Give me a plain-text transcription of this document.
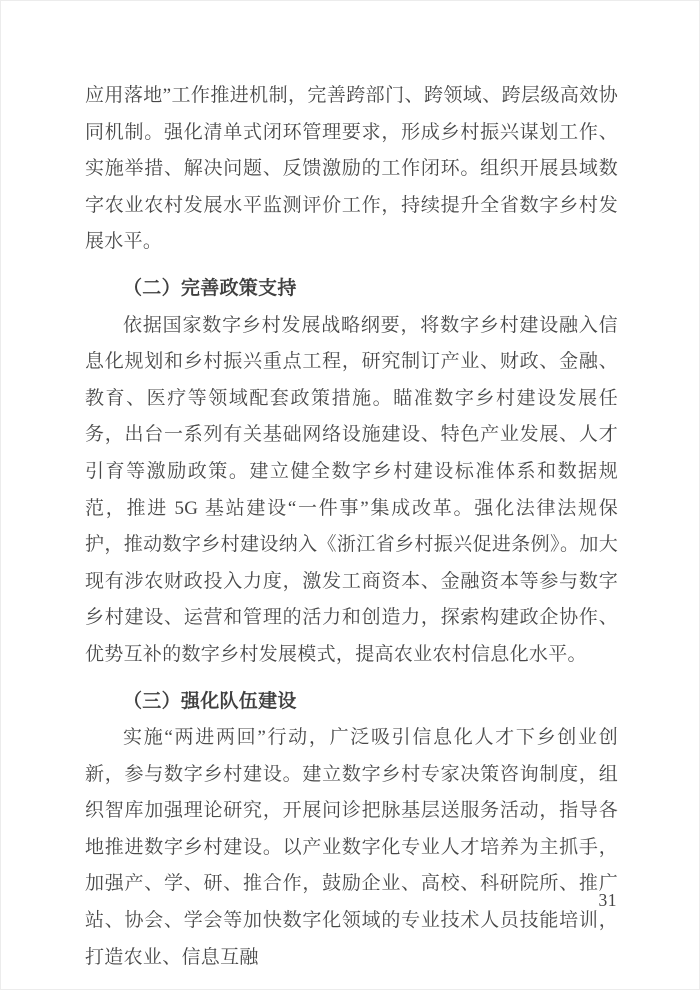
应用落地”工作推进机制，完善跨部门、跨领域、跨层级高效协同机制。强化清单式闭环管理要求，形成乡村振兴谋划工作、实施举措、解决问题、反馈激励的工作闭环。组织开展县域数字农业农村发展水平监测评价工作，持续提升全省数字乡村发展水平。

（二）完善政策支持

依据国家数字乡村发展战略纲要，将数字乡村建设融入信息化规划和乡村振兴重点工程，研究制订产业、财政、金融、教育、医疗等领域配套政策措施。瞄准数字乡村建设发展任务，出台一系列有关基础网络设施建设、特色产业发展、人才引育等激励政策。建立健全数字乡村建设标准体系和数据规范，推进 5G 基站建设“一件事”集成改革。强化法律法规保护，推动数字乡村建设纳入《浙江省乡村振兴促进条例》。加大现有涉农财政投入力度，激发工商资本、金融资本等参与数字乡村建设、运营和管理的活力和创造力，探索构建政企协作、优势互补的数字乡村发展模式，提高农业农村信息化水平。

（三）强化队伍建设

实施“两进两回”行动，广泛吸引信息化人才下乡创业创新，参与数字乡村建设。建立数字乡村专家决策咨询制度，组织智库加强理论研究，开展问诊把脉基层送服务活动，指导各地推进数字乡村建设。以产业数字化专业人才培养为主抓手，加强产、学、研、推合作，鼓励企业、高校、科研院所、推广站、协会、学会等加快数字化领域的专业技术人员技能培训，打造农业、信息互融

31
